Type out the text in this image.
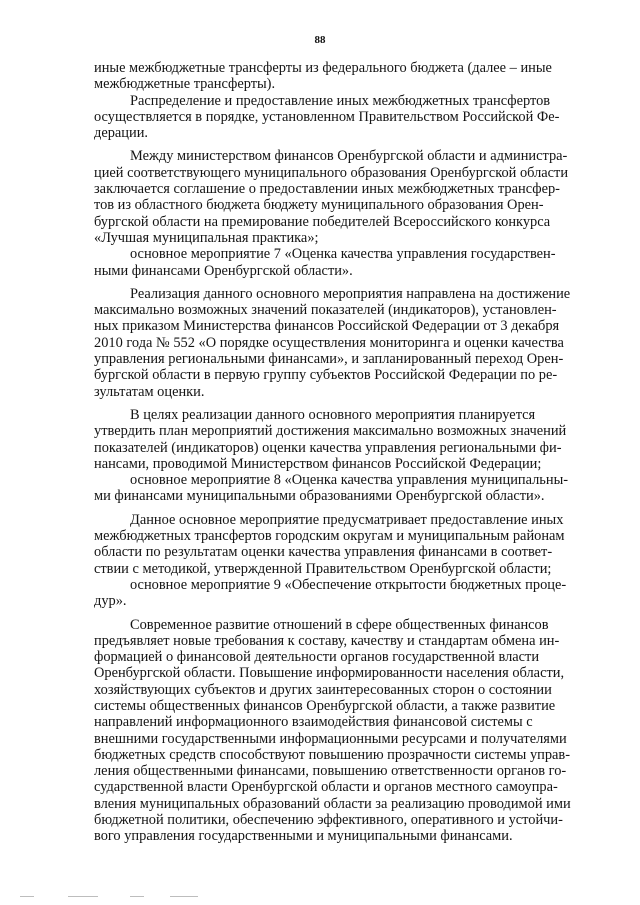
88
иные межбюджетные трансферты из федерального бюджета (далее – иные
межбюджетные трансферты).
Распределение и предоставление иных межбюджетных трансфертов
осуществляется в порядке, установленном Правительством Российской Фе-
дерации.
Между министерством финансов Оренбургской области и администра-
цией соответствующего муниципального образования Оренбургской области
заключается соглашение о предоставлении иных межбюджетных трансфер-
тов из областного бюджета бюджету муниципального образования Орен-
бургской области на премирование победителей Всероссийского конкурса
«Лучшая муниципальная практика»;
основное мероприятие 7 «Оценка качества управления государствен-
ными финансами Оренбургской области».
Реализация данного основного мероприятия направлена на достижение
максимально возможных значений показателей (индикаторов), установлен-
ных приказом Министерства финансов Российской Федерации от 3 декабря
2010 года № 552 «О порядке осуществления мониторинга и оценки качества
управления региональными финансами», и запланированный переход Орен-
бургской области в первую группу субъектов Российской Федерации по ре-
зультатам оценки.
В целях реализации данного основного мероприятия планируется
утвердить план мероприятий достижения максимально возможных значений
показателей (индикаторов) оценки качества управления региональными фи-
нансами, проводимой Министерством финансов Российской Федерации;
основное мероприятие 8 «Оценка качества управления муниципальны-
ми финансами муниципальными образованиями Оренбургской области».
Данное основное мероприятие предусматривает предоставление иных
межбюджетных трансфертов городским округам и муниципальным районам
области по результатам оценки качества управления финансами в соответ-
ствии с методикой, утвержденной Правительством Оренбургской области;
основное мероприятие 9 «Обеспечение открытости бюджетных проце-
дур».
Современное развитие отношений в сфере общественных финансов
предъявляет новые требования к составу, качеству и стандартам обмена ин-
формацией о финансовой деятельности органов государственной власти
Оренбургской области. Повышение информированности населения области,
хозяйствующих субъектов и других заинтересованных сторон о состоянии
системы общественных финансов Оренбургской области, а также развитие
направлений информационного взаимодействия финансовой системы с
внешними государственными информационными ресурсами и получателями
бюджетных средств способствуют повышению прозрачности системы управ-
ления общественными финансами, повышению ответственности органов го-
сударственной власти Оренбургской области и органов местного самоупра-
вления муниципальных образований области за реализацию проводимой ими
бюджетной политики, обеспечению эффективного, оперативного и устойчи-
вого управления государственными и муниципальными финансами.
